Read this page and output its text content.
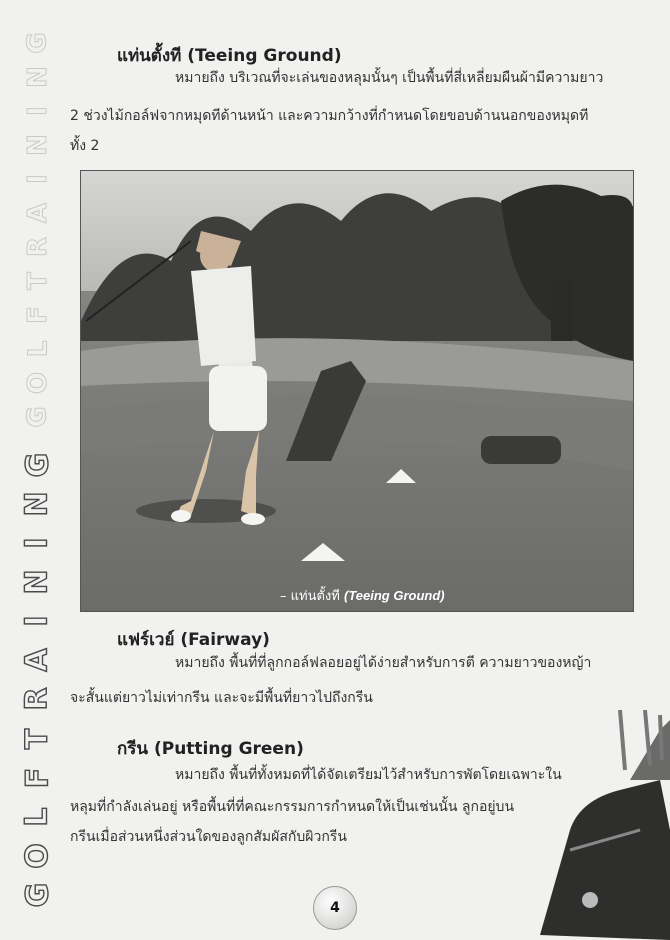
G
O
L
F
T
R
A
I
N
I
N
G
G
O
L
F
T
R
A
I
N
I
N
G
แท่นตั้งที (Teeing Ground)
หมายถึง บริเวณที่จะเล่นของหลุมนั้นๆ เป็นพื้นที่สี่เหลี่ยมผืนผ้ามีความยาว
2 ช่วงไม้กอล์ฟจากหมุดทีด้านหน้า และความกว้างที่กำหนดโดยขอบด้านนอกของหมุดที
ทั้ง 2
– แท่นตั้งที (Teeing Ground)
แฟร์เวย์ (Fairway)
หมายถึง พื้นที่ที่ลูกกอล์ฟลอยอยู่ได้ง่ายสำหรับการตี ความยาวของหญ้า
จะสั้นแต่ยาวไม่เท่ากรีน และจะมีพื้นที่ยาวไปถึงกรีน
กรีน (Putting Green)
หมายถึง พื้นที่ทั้งหมดที่ได้จัดเตรียมไว้สำหรับการพัตโดยเฉพาะใน
หลุมที่กำลังเล่นอยู่ หรือพื้นที่ที่คณะกรรมการกำหนดให้เป็นเช่นนั้น ลูกอยู่บน
กรีนเมื่อส่วนหนึ่งส่วนใดของลูกสัมผัสกับผิวกรีน
4
